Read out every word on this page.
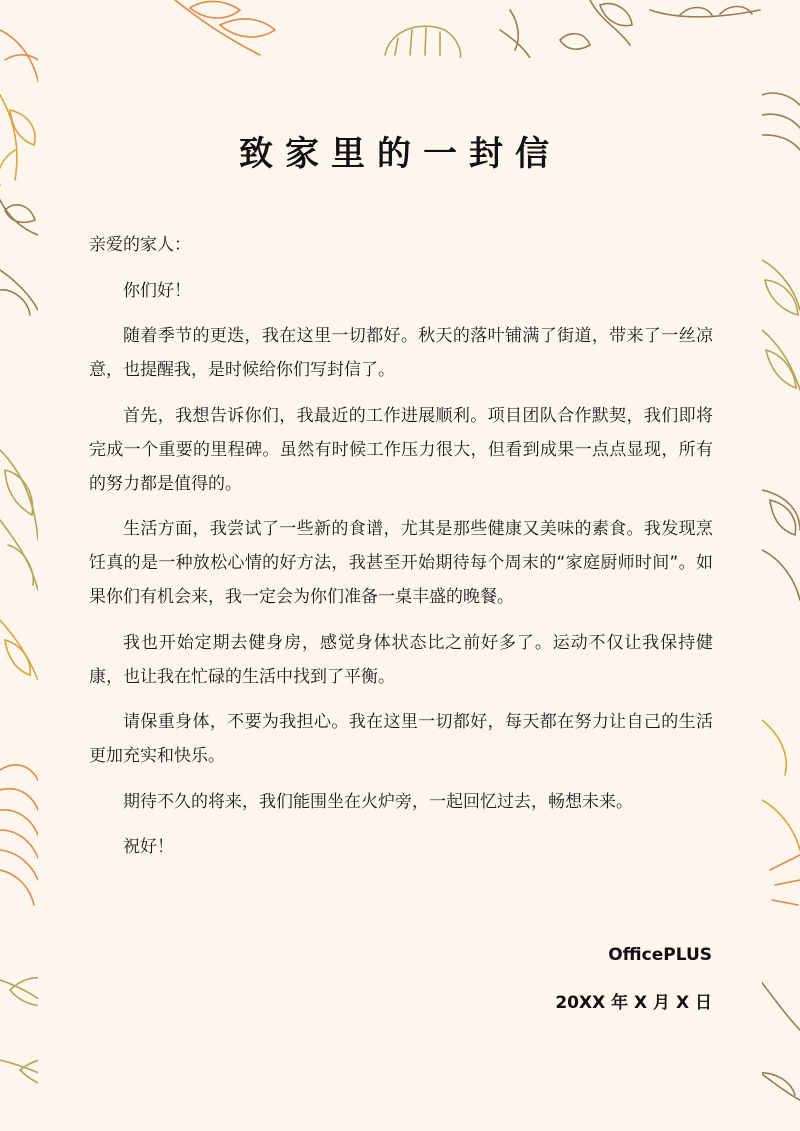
致家里的一封信

亲爱的家人：

你们好！

随着季节的更迭，我在这里一切都好。秋天的落叶铺满了街道，带来了一丝凉意，也提醒我，是时候给你们写封信了。

首先，我想告诉你们，我最近的工作进展顺利。项目团队合作默契，我们即将完成一个重要的里程碑。虽然有时候工作压力很大，但看到成果一点点显现，所有的努力都是值得的。

生活方面，我尝试了一些新的食谱，尤其是那些健康又美味的素食。我发现烹饪真的是一种放松心情的好方法，我甚至开始期待每个周末的“家庭厨师时间”。如果你们有机会来，我一定会为你们准备一桌丰盛的晚餐。

我也开始定期去健身房，感觉身体状态比之前好多了。运动不仅让我保持健康，也让我在忙碌的生活中找到了平衡。

请保重身体，不要为我担心。我在这里一切都好，每天都在努力让自己的生活更加充实和快乐。

期待不久的将来，我们能围坐在火炉旁，一起回忆过去，畅想未来。

祝好！

OfficePLUS
20XX 年 X 月 X 日
